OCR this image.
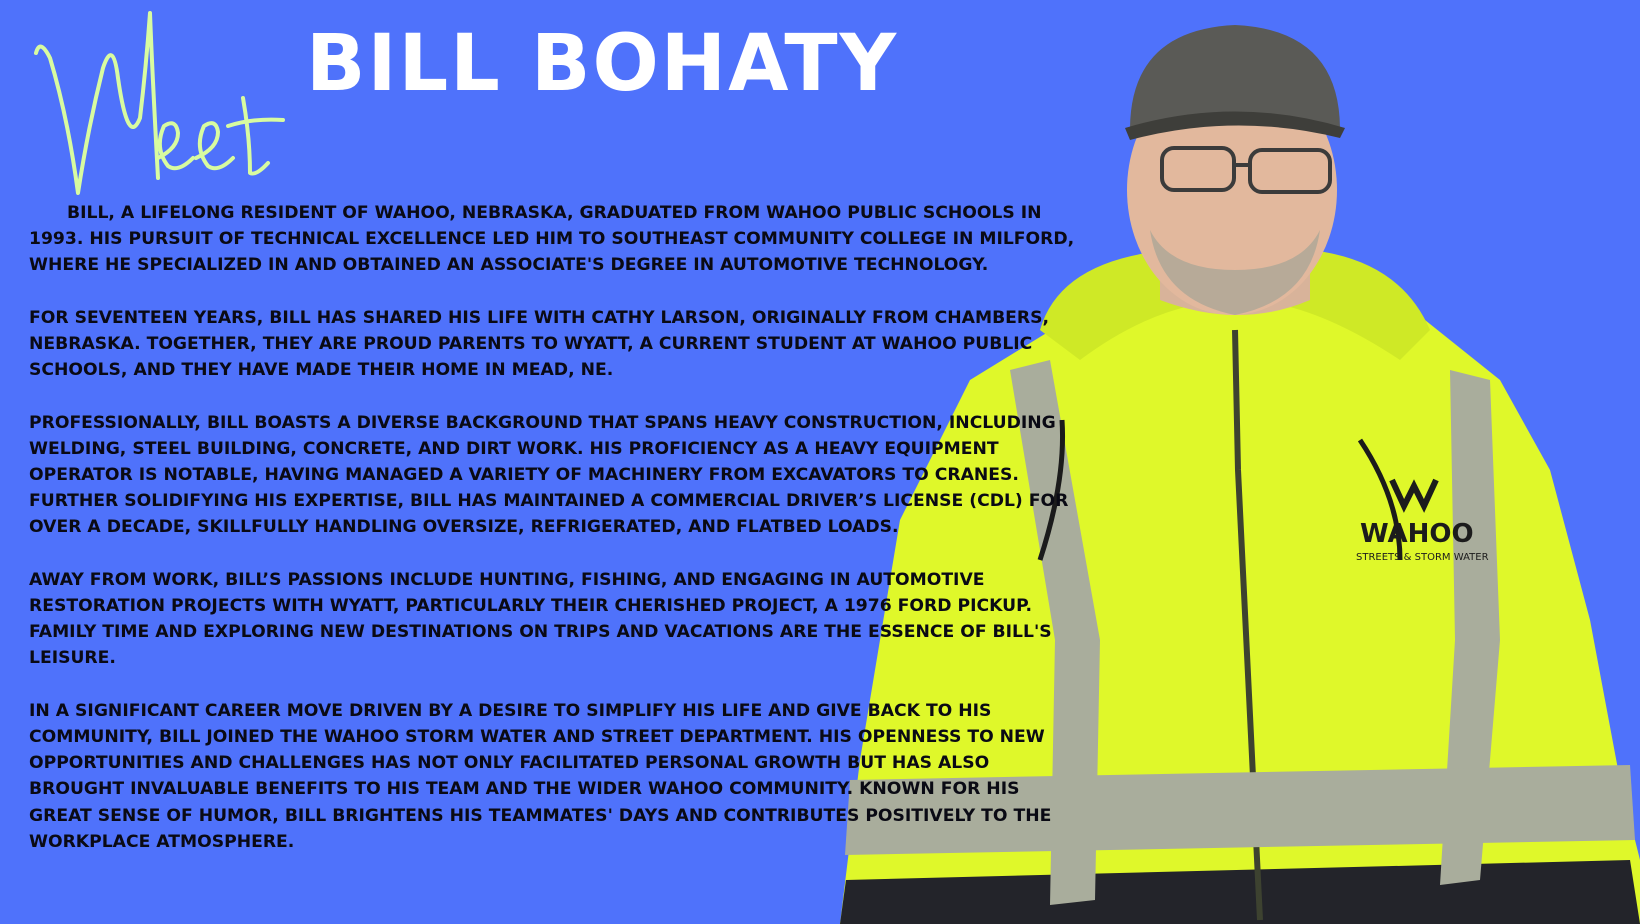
WAHOO
STREETS & STORM WATER
BILL BOHATY

BILL, A LIFELONG RESIDENT OF WAHOO, NEBRASKA, GRADUATED FROM WAHOO PUBLIC SCHOOLS IN 1993. HIS PURSUIT OF TECHNICAL EXCELLENCE LED HIM TO SOUTHEAST COMMUNITY COLLEGE IN MILFORD, WHERE HE SPECIALIZED IN AND OBTAINED AN ASSOCIATE'S DEGREE IN AUTOMOTIVE TECHNOLOGY.

FOR SEVENTEEN YEARS, BILL HAS SHARED HIS LIFE WITH CATHY LARSON, ORIGINALLY FROM CHAMBERS, NEBRASKA. TOGETHER, THEY ARE PROUD PARENTS TO WYATT, A CURRENT STUDENT AT WAHOO PUBLIC SCHOOLS, AND THEY HAVE MADE THEIR HOME IN MEAD, NE.

PROFESSIONALLY, BILL BOASTS A DIVERSE BACKGROUND THAT SPANS HEAVY CONSTRUCTION, INCLUDING WELDING, STEEL BUILDING, CONCRETE, AND DIRT WORK. HIS PROFICIENCY AS A HEAVY EQUIPMENT OPERATOR IS NOTABLE, HAVING MANAGED A VARIETY OF MACHINERY FROM EXCAVATORS TO CRANES. FURTHER SOLIDIFYING HIS EXPERTISE, BILL HAS MAINTAINED A COMMERCIAL DRIVER’S LICENSE (CDL) FOR OVER A DECADE, SKILLFULLY HANDLING OVERSIZE, REFRIGERATED, AND FLATBED LOADS.

AWAY FROM WORK, BILL’S PASSIONS INCLUDE HUNTING, FISHING, AND ENGAGING IN AUTOMOTIVE RESTORATION PROJECTS WITH WYATT, PARTICULARLY THEIR CHERISHED PROJECT, A 1976 FORD PICKUP. FAMILY TIME AND EXPLORING NEW DESTINATIONS ON TRIPS AND VACATIONS ARE THE ESSENCE OF BILL'S LEISURE.

IN A SIGNIFICANT CAREER MOVE DRIVEN BY A DESIRE TO SIMPLIFY HIS LIFE AND GIVE BACK TO HIS COMMUNITY, BILL JOINED THE WAHOO STORM WATER AND STREET DEPARTMENT. HIS OPENNESS TO NEW OPPORTUNITIES AND CHALLENGES HAS NOT ONLY FACILITATED PERSONAL GROWTH BUT HAS ALSO BROUGHT INVALUABLE BENEFITS TO HIS TEAM AND THE WIDER WAHOO COMMUNITY. KNOWN FOR HIS GREAT SENSE OF HUMOR, BILL BRIGHTENS HIS TEAMMATES' DAYS AND CONTRIBUTES POSITIVELY TO THE WORKPLACE ATMOSPHERE.
